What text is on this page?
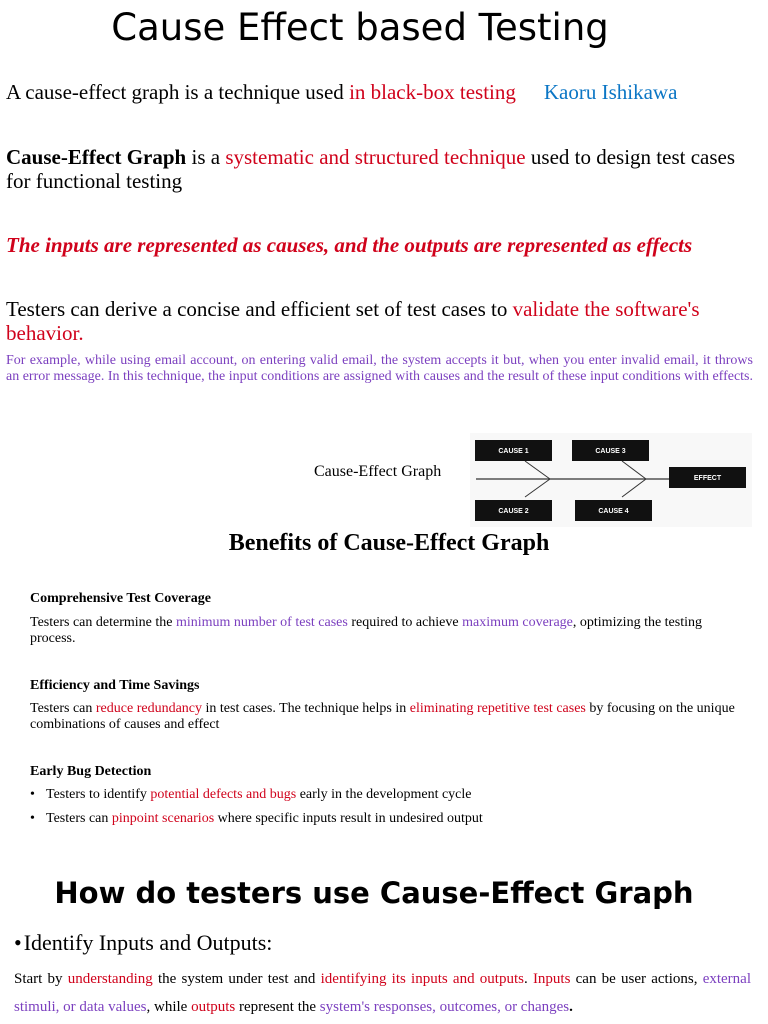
Cause Effect based Testing

A cause-effect graph is a technique used in black-box testing Kaoru Ishikawa

Cause-Effect Graph is a systematic and structured technique used to design test cases for functional testing

The inputs are represented as causes, and the outputs are represented as effects

Testers can derive a concise and efficient set of test cases to validate the software's behavior.

For example, while using email account, on entering valid email, the system accepts it but, when you enter invalid email, it throws an error message. In this technique, the input conditions are assigned with causes and the result of these input conditions with effects.

Cause-Effect Graph
CAUSE 1	CAUSE 3
CAUSE 2	CAUSE 4
EFFECT
Benefits of Cause-Effect Graph
Comprehensive Test Coverage

Testers can determine the minimum number of test cases required to achieve maximum coverage, optimizing the testing process.

Efficiency and Time Savings

Testers can reduce redundancy in test cases. The technique helps in eliminating repetitive test cases by focusing on the unique combinations of causes and effect

Early Bug Detection

• Testers to identify potential defects and bugs early in the development cycle

• Testers can pinpoint scenarios where specific inputs result in undesired output

How do testers use Cause-Effect Graph

•Identify Inputs and Outputs:

Start by understanding the system under test and identifying its inputs and outputs. Inputs can be user actions, external stimuli, or data values, while outputs represent the system's responses, outcomes, or changes.
